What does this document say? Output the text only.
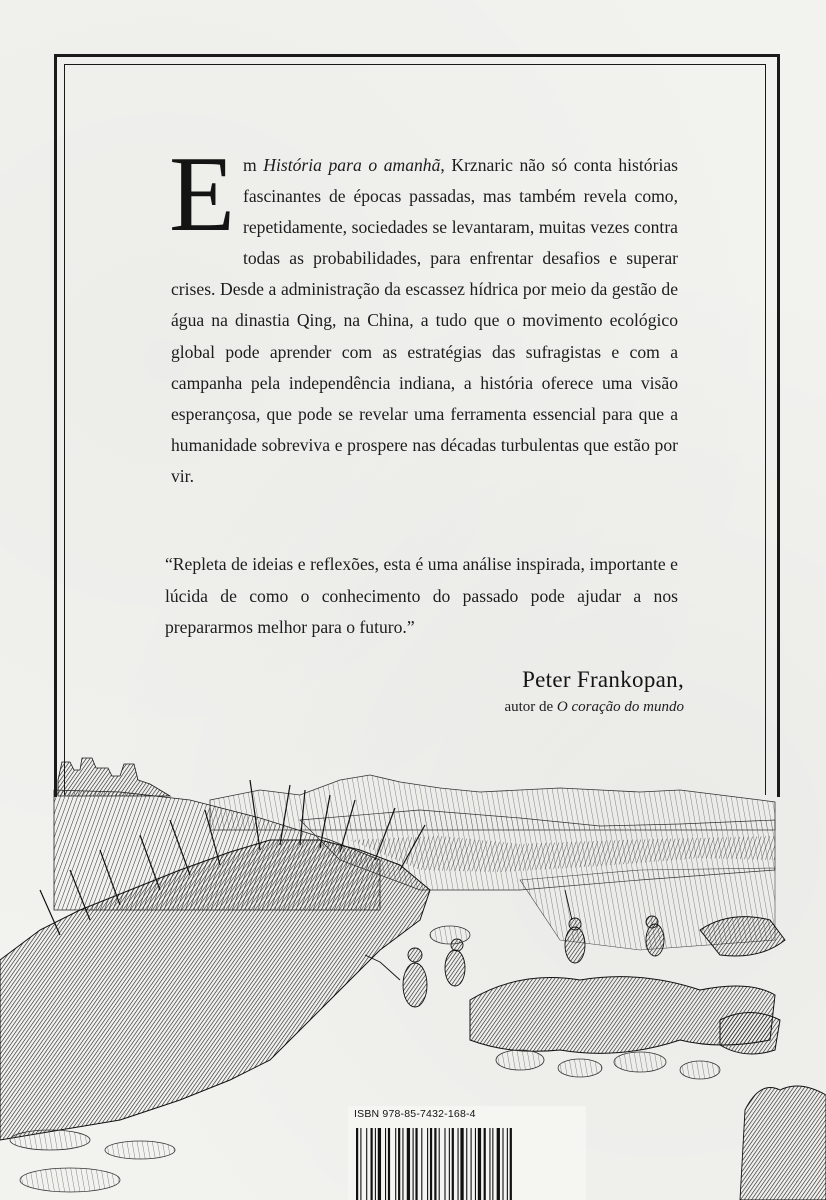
E m História para o amanhã, Krznaric não só conta histórias fascinantes de épocas passadas, mas também revela como, repetidamente, sociedades se levantaram, muitas vezes contra todas as probabilidades, para enfrentar desafios e superar crises. Desde a administração da escassez hídrica por meio da gestão de água na dinastia Qing, na China, a tudo que o movimento ecológico global pode aprender com as estratégias das sufragistas e com a campanha pela independência indiana, a história oferece uma visão esperançosa, que pode se revelar uma ferramenta essencial para que a humanidade sobreviva e prospere nas décadas turbulentas que estão por vir.

“Repleta de ideias e reflexões, esta é uma análise inspirada, importante e lúcida de como o conhecimento do passado pode ajudar a nos prepararmos melhor para o futuro.”

Peter Frankopan,
autor de O coração do mundo
ISBN 978-85-7432-168-4
